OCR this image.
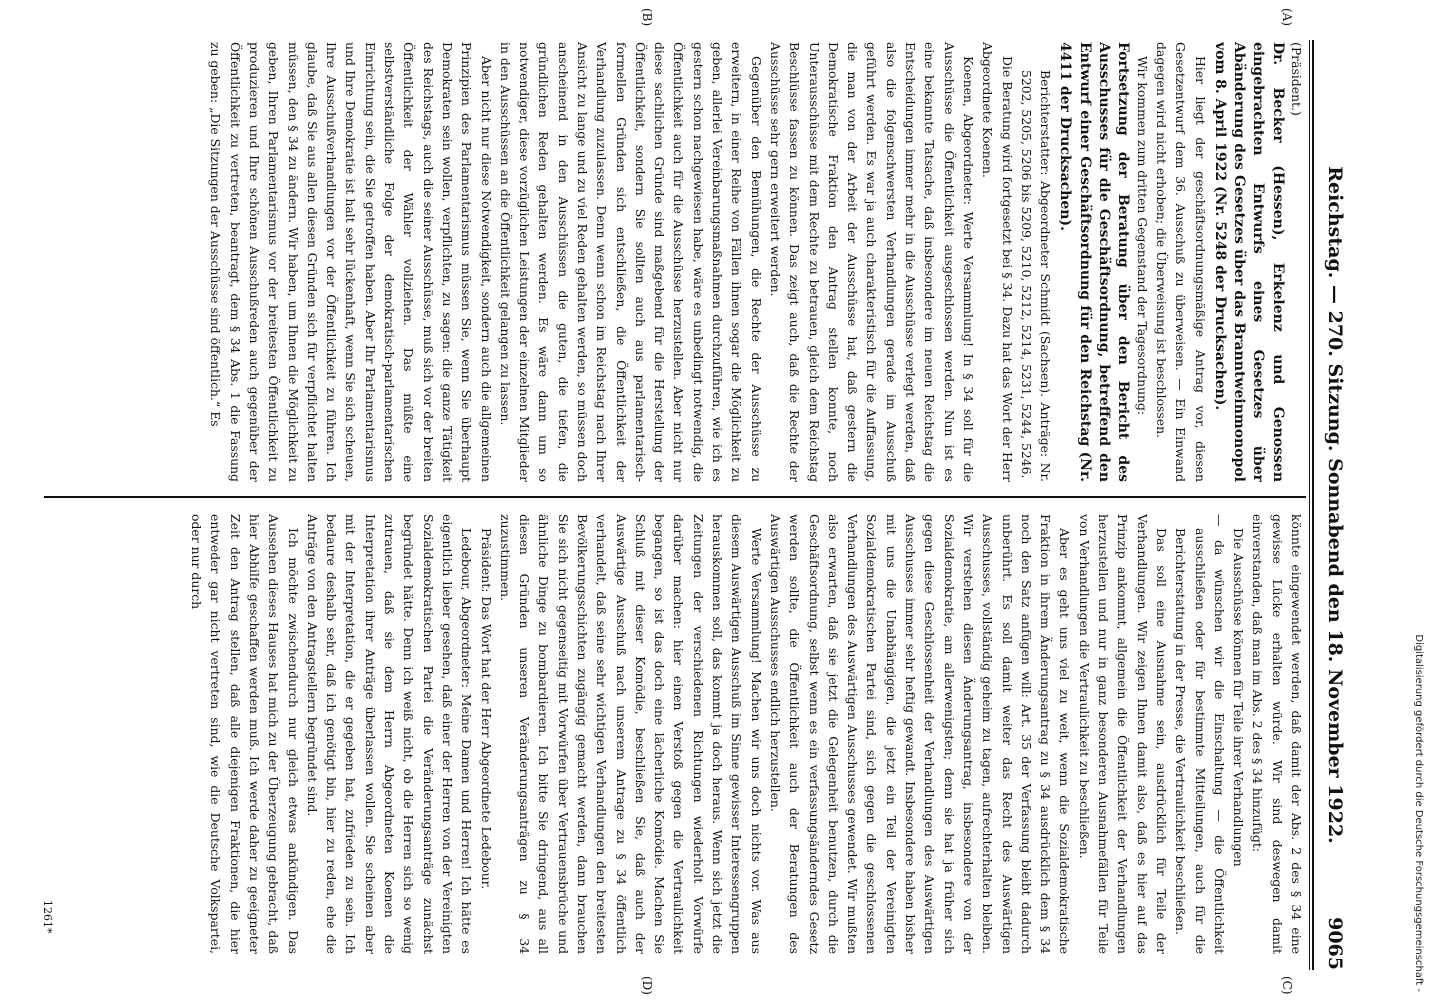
Reichstag. — 270. Sitzung. Sonnabend den 18. November 1922.
9065

(Präsident.)

Dr. Becker (Hessen), Erkelenz und Genossen eingebrachten Entwurfs eines Gesetzes über Abänderung des Gesetzes über das Branntweinmonopol vom 8. April 1922 (Nr. 5248 der Drucksachen).

Hier liegt der geschäftsordnungsmäßige Antrag vor, diesen Gesetzentwurf dem 36. Ausschuß zu überweisen. — Ein Einwand dagegen wird nicht erhoben; die Überweisung ist beschlossen.

Wir kommen zum dritten Gegenstand der Tagesordnung:

Fortsetzung der Beratung über den Bericht des Ausschusses für die Geschäftsordnung, betreffend den Entwurf einer Geschäftsordnung für den Reichstag (Nr. 4411 der Drucksachen).

Berichterstatter: Abgeordneter Schmidt (Sachsen). Anträge: Nr. 5202, 5205, 5206 bis 5209, 5210, 5212, 5214, 5231, 5244, 5246.

Die Beratung wird fortgesetzt bei § 34. Dazu hat das Wort der Herr Abgeordnete Koenen.

Koenen, Abgeordneter: Werte Versammlung! In § 34 soll für die Ausschüsse die Öffentlichkeit ausgeschlossen werden. Nun ist es eine bekannte Tatsache, daß insbesondere im neuen Reichstag die Entscheidungen immer mehr in die Ausschüsse verlegt werden, daß also die folgenschwersten Verhandlungen gerade im Ausschuß geführt werden. Es war ja auch charakteristisch für die Auffassung, die man von der Arbeit der Ausschüsse hat, daß gestern die Demokratische Fraktion den Antrag stellen konnte, noch Unterausschüsse mit dem Rechte zu betrauen, gleich dem Reichstag Beschlüsse fassen zu können. Das zeigt auch, daß die Rechte der Ausschüsse sehr gern erweitert werden.

Gegenüber den Bemühungen, die Rechte der Ausschüsse zu erweitern, in einer Reihe von Fällen ihnen sogar die Möglichkeit zu geben, allerlei Vereinbarungsmaßnahmen durchzuführen, wie ich es gestern schon nachgewiesen habe, wäre es unbedingt notwendig, die Öffentlichkeit auch für die Ausschüsse herzustellen. Aber nicht nur diese sachlichen Gründe sind maßgebend für die Herstellung der Öffentlichkeit, sondern Sie sollten auch aus parlamentarisch-formellen Gründen sich entschließen, die Öffentlichkeit der Verhandlung zuzulassen. Denn wenn schon im Reichstag nach Ihrer Ansicht zu lange und zu viel Reden gehalten werden, so müssen doch anscheinend in den Ausschüssen die guten, die tiefen, die gründlichen Reden gehalten werden. Es wäre dann um so notwendiger, diese vorzüglichen Leistungen der einzelnen Mitglieder in den Ausschüssen an die Öffentlichkeit gelangen zu lassen.

Aber nicht nur diese Notwendigkeit, sondern auch die allgemeinen Prinzipien des Parlamentarismus müssen Sie, wenn Sie überhaupt Demokraten sein wollen, verpflichten, zu sagen: die ganze Tätigkeit des Reichstags, auch die seiner Ausschüsse, muß sich vor der breiten Öffentlichkeit der Wähler vollziehen. Das müßte eine selbstverständliche Folge der demokratisch-parlamentarischen Einrichtung sein, die Sie getroffen haben. Aber Ihr Parlamentarismus und Ihre Demokratie ist halt sehr lückenhaft, wenn Sie sich scheuen, Ihre Ausschußverhandlungen vor der Öffentlichkeit zu führen. Ich glaube, daß Sie aus allen diesen Gründen sich für verpflichtet halten müssen, den § 34 zu ändern. Wir haben, um Ihnen die Möglichkeit zu geben, Ihren Parlamentarismus vor der breitesten Öffentlichkeit zu produzieren und Ihre schönen Ausschußreden auch gegenüber der Öffentlichkeit zu vertreten, beantragt, dem § 34 Abs. 1 die Fassung zu geben: „Die Sitzungen der Ausschüsse sind öffentlich.“ Es

könnte eingewendet werden, daß damit der Abs. 2 des § 34 eine gewisse Lücke erhalten würde. Wir sind deswegen damit einverstanden, daß man im Abs. 2 des § 34 hinzufügt:

Die Ausschüsse können für Teile ihrer Verhandlungen

— da wünschen wir die Einschaltung — die Öffentlichkeit ausschließen oder für bestimmte Mitteilungen, auch für die Berichterstattung in der Presse, die Vertraulichkeit beschließen.

Das soll eine Ausnahme sein, ausdrücklich für Teile der Verhandlungen. Wir zeigen Ihnen damit also, daß es hier auf das Prinzip ankommt, allgemein die Öffentlichkeit der Verhandlungen herzustellen und nur in ganz besonderen Ausnahmefällen für Teile von Verhandlungen die Vertraulichkeit zu beschließen.

Aber es geht uns viel zu weit, wenn die Sozialdemokratische Fraktion in ihrem Änderungsantrag zu § 34 ausdrücklich dem § 34 noch den Satz anfügen will: Art. 35 der Verfassung bleibt dadurch unberührt. Es soll damit weiter das Recht des Auswärtigen Ausschusses, vollständig geheim zu tagen, aufrechterhalten bleiben. Wir verstehen diesen Änderungsantrag, insbesondere von der Sozialdemokratie, am allerwenigsten; denn sie hat ja früher sich gegen diese Geschlossenheit der Verhandlungen des Auswärtigen Ausschusses immer sehr heftig gewandt. Insbesondere haben bisher mit uns die Unabhängigen, die jetzt ein Teil der Vereinigten Sozialdemokratischen Partei sind, sich gegen die geschlossenen Verhandlungen des Auswärtigen Ausschusses gewendet. Wir mußten also erwarten, daß sie jetzt die Gelegenheit benutzen, durch die Geschäftsordnung, selbst wenn es ein verfassungsänderndes Gesetz werden sollte, die Öffentlichkeit auch der Beratungen des Auswärtigen Ausschusses endlich herzustellen.

Werte Versammlung! Machen wir uns doch nichts vor. Was aus diesem Auswärtigen Ausschuß im Sinne gewisser Interessengruppen herauskommen soll, das kommt ja doch heraus. Wenn sich jetzt die Zeitungen der verschiedenen Richtungen wiederholt Vorwürfe darüber machen: hier einen Verstoß gegen die Vertraulichkeit begangen, so ist das doch eine lächerliche Komödie. Machen Sie Schluß mit dieser Komödie, beschließen Sie, daß auch der Auswärtige Ausschuß nach unserem Antrage zu § 34 öffentlich verhandelt, daß seine sehr wichtigen Verhandlungen den breitesten Bevölkerungsschichten zugängig gemacht werden, dann brauchen Sie sich nicht gegenseitig mit Vorwürfen über Vertrauensbrüche und ähnliche Dinge zu bombardieren. Ich bitte Sie dringend, aus all diesen Gründen unseren Veränderungsanträgen zu § 34 zuzustimmen.

Präsident: Das Wort hat der Herr Abgeordnete Ledebour.

Ledebour, Abgeordneter: Meine Damen und Herren! Ich hätte es eigentlich lieber gesehen, daß einer der Herren von der Vereinigten Sozialdemokratischen Partei die Veränderungsanträge zunächst begründet hätte. Denn ich weiß nicht, ob die Herren sich so wenig zutrauen, daß sie dem Herrn Abgeordneten Koenen die Interpretation ihrer Anträge überlassen wollen. Sie scheinen aber mit der Interpretation, die er gegeben hat, zufrieden zu sein. Ich bedaure deshalb sehr, daß ich genötigt bin, hier zu reden, ehe die Anträge von den Antragstellern begründet sind.

Ich möchte zwischendurch nur gleich etwas ankündigen. Das Aussehen dieses Hauses hat mich zu der Überzeugung gebracht, daß hier Abhilfe geschaffen werden muß. Ich werde daher zu geeigneter Zeit den Antrag stellen, daß alle diejenigen Fraktionen, die hier entweder gar nicht vertreten sind, wie die Deutsche Volkspartei, oder nur durch

(A)
(B)
(C)
(D)
1261*	Digitalisierung gefördert durch die Deutsche Forschungsgemeinschaft -
